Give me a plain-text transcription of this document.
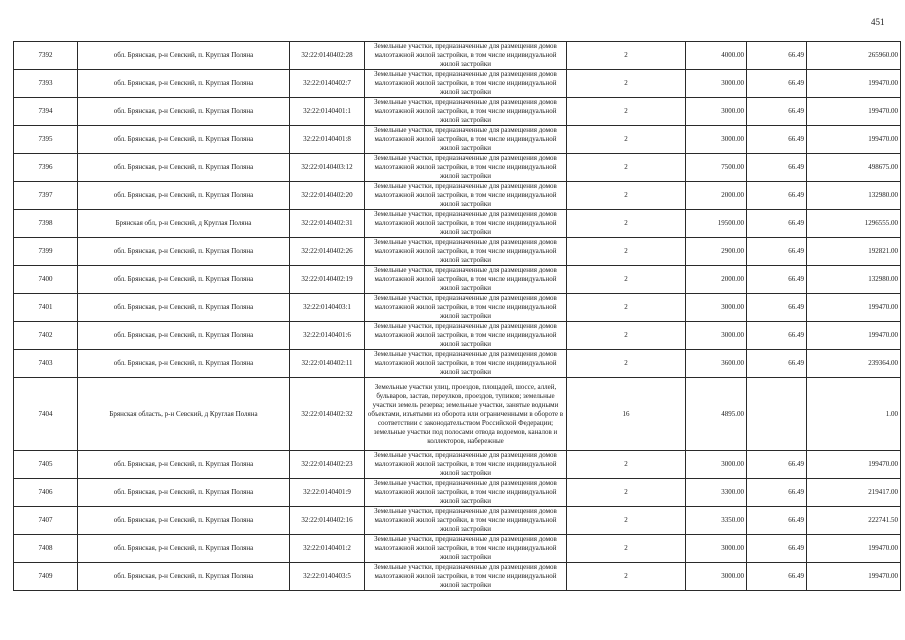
451
7392	обл. Брянская, р-н Севский, п. Круглая Поляна	32:22:0140402:28	Земельные участки, предназначенные для размещения домов малоэтажной жилой застройки, в том числе индивидуальной жилой застройки	2	4000.00	66.49	265960.00
7393	обл. Брянская, р-н Севский, п. Круглая Поляна	32:22:0140402:7	Земельные участки, предназначенные для размещения домов малоэтажной жилой застройки, в том числе индивидуальной жилой застройки	2	3000.00	66.49	199470.00
7394	обл. Брянская, р-н Севский, п. Круглая Поляна	32:22:0140401:1	Земельные участки, предназначенные для размещения домов малоэтажной жилой застройки, в том числе индивидуальной жилой застройки	2	3000.00	66.49	199470.00
7395	обл. Брянская, р-н Севский, п. Круглая Поляна	32:22:0140401:8	Земельные участки, предназначенные для размещения домов малоэтажной жилой застройки, в том числе индивидуальной жилой застройки	2	3000.00	66.49	199470.00
7396	обл. Брянская, р-н Севский, п. Круглая Поляна	32:22:0140403:12	Земельные участки, предназначенные для размещения домов малоэтажной жилой застройки, в том числе индивидуальной жилой застройки	2	7500.00	66.49	498675.00
7397	обл. Брянская, р-н Севский, п. Круглая Поляна	32:22:0140402:20	Земельные участки, предназначенные для размещения домов малоэтажной жилой застройки, в том числе индивидуальной жилой застройки	2	2000.00	66.49	132980.00
7398	Брянская обл, р-н Севский, д Круглая Поляна	32:22:0140402:31	Земельные участки, предназначенные для размещения домов малоэтажной жилой застройки, в том числе индивидуальной жилой застройки	2	19500.00	66.49	1296555.00
7399	обл. Брянская, р-н Севский, п. Круглая Поляна	32:22:0140402:26	Земельные участки, предназначенные для размещения домов малоэтажной жилой застройки, в том числе индивидуальной жилой застройки	2	2900.00	66.49	192821.00
7400	обл. Брянская, р-н Севский, п. Круглая Поляна	32:22:0140402:19	Земельные участки, предназначенные для размещения домов малоэтажной жилой застройки, в том числе индивидуальной жилой застройки	2	2000.00	66.49	132980.00
7401	обл. Брянская, р-н Севский, п. Круглая Поляна	32:22:0140403:1	Земельные участки, предназначенные для размещения домов малоэтажной жилой застройки, в том числе индивидуальной жилой застройки	2	3000.00	66.49	199470.00
7402	обл. Брянская, р-н Севский, п. Круглая Поляна	32:22:0140401:6	Земельные участки, предназначенные для размещения домов малоэтажной жилой застройки, в том числе индивидуальной жилой застройки	2	3000.00	66.49	199470.00
7403	обл. Брянская, р-н Севский, п. Круглая Поляна	32:22:0140402:11	Земельные участки, предназначенные для размещения домов малоэтажной жилой застройки, в том числе индивидуальной жилой застройки	2	3600.00	66.49	239364.00
7404	Брянская область, р-н Севский, д Круглая Поляна	32:22:0140402:32	Земельные участки улиц, проездов, площадей, шоссе, аллей, бульваров, застав, переулков, проездов, тупиков; земельные участки земель резерва; земельные участки, занятые водными объектами, изъятыми из оборота или ограниченными в обороте в соответствии с законодательством Российской Федерации; земельные участки под полосами отвода водоемов, каналов и коллекторов, набережные	16	4895.00		1.00
7405	обл. Брянская, р-н Севский, п. Круглая Поляна	32:22:0140402:23	Земельные участки, предназначенные для размещения домов малоэтажной жилой застройки, в том числе индивидуальной жилой застройки	2	3000.00	66.49	199470.00
7406	обл. Брянская, р-н Севский, п. Круглая Поляна	32:22:0140401:9	Земельные участки, предназначенные для размещения домов малоэтажной жилой застройки, в том числе индивидуальной жилой застройки	2	3300.00	66.49	219417.00
7407	обл. Брянская, р-н Севский, п. Круглая Поляна	32:22:0140402:16	Земельные участки, предназначенные для размещения домов малоэтажной жилой застройки, в том числе индивидуальной жилой застройки	2	3350.00	66.49	222741.50
7408	обл. Брянская, р-н Севский, п. Круглая Поляна	32:22:0140401:2	Земельные участки, предназначенные для размещения домов малоэтажной жилой застройки, в том числе индивидуальной жилой застройки	2	3000.00	66.49	199470.00
7409	обл. Брянская, р-н Севский, п. Круглая Поляна	32:22:0140403:5	Земельные участки, предназначенные для размещения домов малоэтажной жилой застройки, в том числе индивидуальной жилой застройки	2	3000.00	66.49	199470.00
